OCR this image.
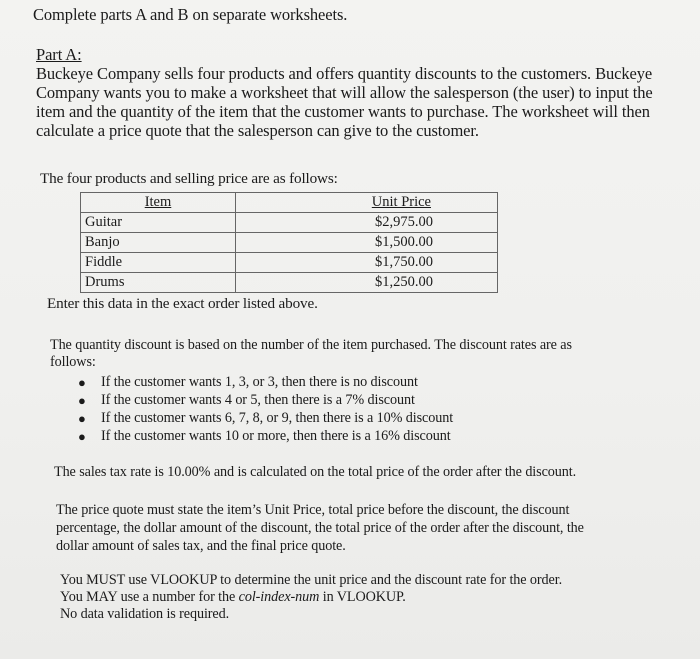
Complete parts A and B on separate worksheets.
Part A:
Buckeye Company sells four products and offers quantity discounts to the customers. Buckeye
Company wants you to make a worksheet that will allow the salesperson (the user) to input the
item and the quantity of the item that the customer wants to purchase. The worksheet will then
calculate a price quote that the salesperson can give to the customer.
The four products and selling price are as follows:
Item	Unit Price
Guitar	$2,975.00
Banjo	$1,500.00
Fiddle	$1,750.00
Drums	$1,250.00
Enter this data in the exact order listed above.
The quantity discount is based on the number of the item purchased. The discount rates are as
follows:
● If the customer wants 1, 3, or 3, then there is no discount
● If the customer wants 4 or 5, then there is a 7% discount
● If the customer wants 6, 7, 8, or 9, then there is a 10% discount
● If the customer wants 10 or more, then there is a 16% discount
The sales tax rate is 10.00% and is calculated on the total price of the order after the discount.
The price quote must state the item’s Unit Price, total price before the discount, the discount
percentage, the dollar amount of the discount, the total price of the order after the discount, the
dollar amount of sales tax, and the final price quote.
You MUST use VLOOKUP to determine the unit price and the discount rate for the order.
You MAY use a number for the col-index-num in VLOOKUP.
No data validation is required.
